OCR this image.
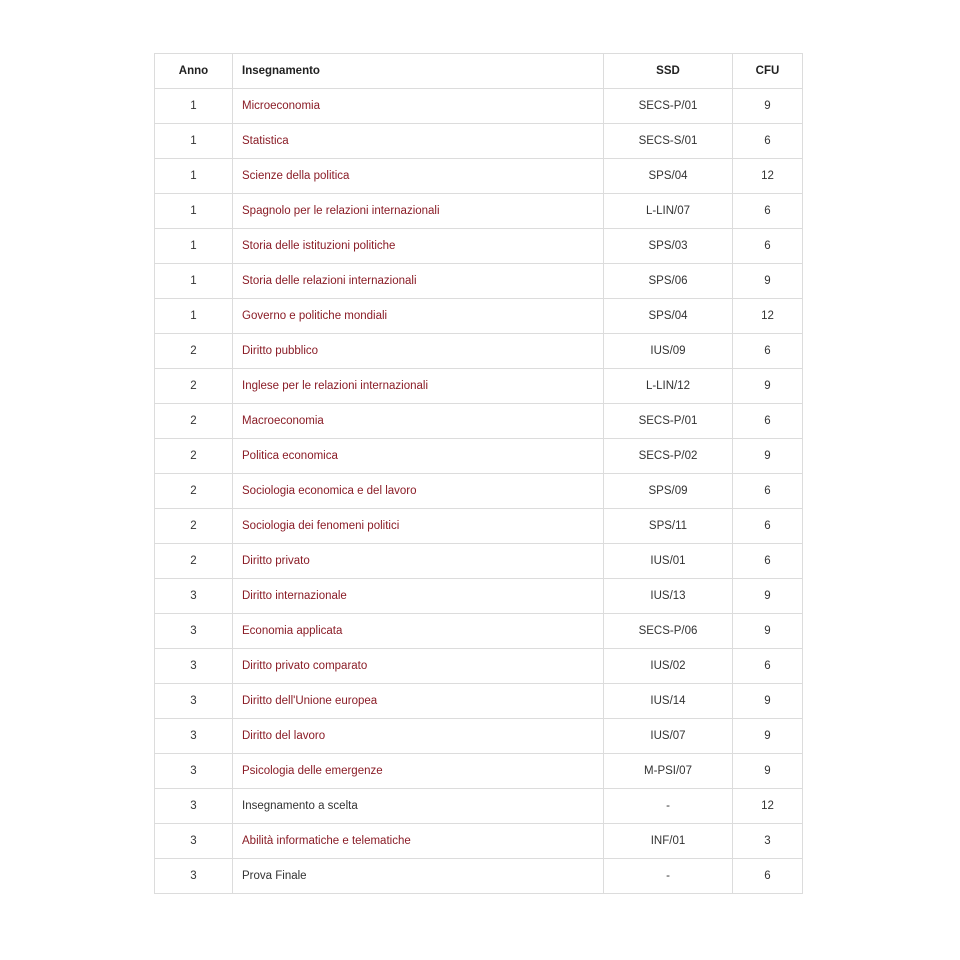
Anno	Insegnamento	SSD	CFU
1	Microeconomia	SECS-P/01	9
1	Statistica	SECS-S/01	6
1	Scienze della politica	SPS/04	12
1	Spagnolo per le relazioni internazionali	L-LIN/07	6
1	Storia delle istituzioni politiche	SPS/03	6
1	Storia delle relazioni internazionali	SPS/06	9
1	Governo e politiche mondiali	SPS/04	12
2	Diritto pubblico	IUS/09	6
2	Inglese per le relazioni internazionali	L-LIN/12	9
2	Macroeconomia	SECS-P/01	6
2	Politica economica	SECS-P/02	9
2	Sociologia economica e del lavoro	SPS/09	6
2	Sociologia dei fenomeni politici	SPS/11	6
2	Diritto privato	IUS/01	6
3	Diritto internazionale	IUS/13	9
3	Economia applicata	SECS-P/06	9
3	Diritto privato comparato	IUS/02	6
3	Diritto dell'Unione europea	IUS/14	9
3	Diritto del lavoro	IUS/07	9
3	Psicologia delle emergenze	M-PSI/07	9
3	Insegnamento a scelta	-	12
3	Abilità informatiche e telematiche	INF/01	3
3	Prova Finale	-	6
